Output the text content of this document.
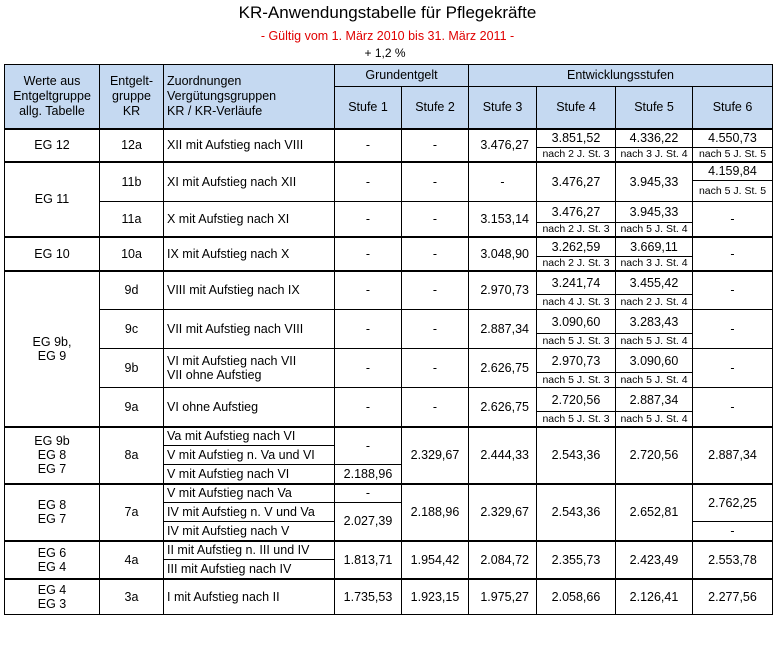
KR-Anwendungstabelle für Pflegekräfte
- Gültig vom 1. März 2010 bis 31. März 2011 -
+ 1,2 %
Werte aus
Entgeltgruppe
allg. Tabelle	Entgelt-
gruppe
KR	Zuordnungen
Vergütungsgruppen
KR / KR-Verläufe	Grundentgelt		Entwicklungsstufen			
			Stufe 1	Stufe 2	Stufe 3	Stufe 4	Stufe 5	Stufe 6
EG 12	12a	XII mit Aufstieg nach VIII	-	-	3.476,27	3.851,52	4.336,22	4.550,73
						nach 2 J. St. 3	nach 3 J. St. 4	nach 5 J. St. 5
EG 11	11b	XI mit Aufstieg nach XII	-	-	-	3.476,27	3.945,33	4.159,84
								nach 5 J. St. 5
	11a	X mit Aufstieg nach XI	-	-	3.153,14	3.476,27	3.945,33	-
						nach 2 J. St. 3	nach 5 J. St. 4	
EG 10	10a	IX mit Aufstieg nach X	-	-	3.048,90	3.262,59	3.669,11	-
						nach 2 J. St. 3	nach 3 J. St. 4	
EG 9b,
EG 9	9d	VIII mit Aufstieg nach IX	-	-	2.970,73	3.241,74	3.455,42	-
						nach 4 J. St. 3	nach 2 J. St. 4	
	9c	VII mit Aufstieg nach VIII	-	-	2.887,34	3.090,60	3.283,43	-
						nach 5 J. St. 3	nach 5 J. St. 4	
	9b	VI mit Aufstieg nach VII
VII ohne Aufstieg	-	-	2.626,75	2.970,73	3.090,60	-
						nach 5 J. St. 3	nach 5 J. St. 4	
	9a	VI ohne Aufstieg	-	-	2.626,75	2.720,56	2.887,34	-
						nach 5 J. St. 3	nach 5 J. St. 4	
EG 9b
EG 8
EG 7	8a	Va mit Aufstieg nach VI	-	2.329,67	2.444,33	2.543,36	2.720,56	2.887,34
		V mit Aufstieg n. Va und VI						
		V mit Aufstieg nach VI	2.188,96					
EG 8
EG 7	7a	V mit Aufstieg nach Va	-	2.188,96	2.329,67	2.543,36	2.652,81	2.762,25
		IV mit Aufstieg n. V und Va	2.027,39					
		IV mit Aufstieg nach V						-
EG 6
EG 4	4a	II mit Aufstieg n. III und IV	1.813,71	1.954,42	2.084,72	2.355,73	2.423,49	2.553,78
		III mit Aufstieg nach IV						
EG 4
EG 3	3a	I mit Aufstieg nach II	1.735,53	1.923,15	1.975,27	2.058,66	2.126,41	2.277,56
